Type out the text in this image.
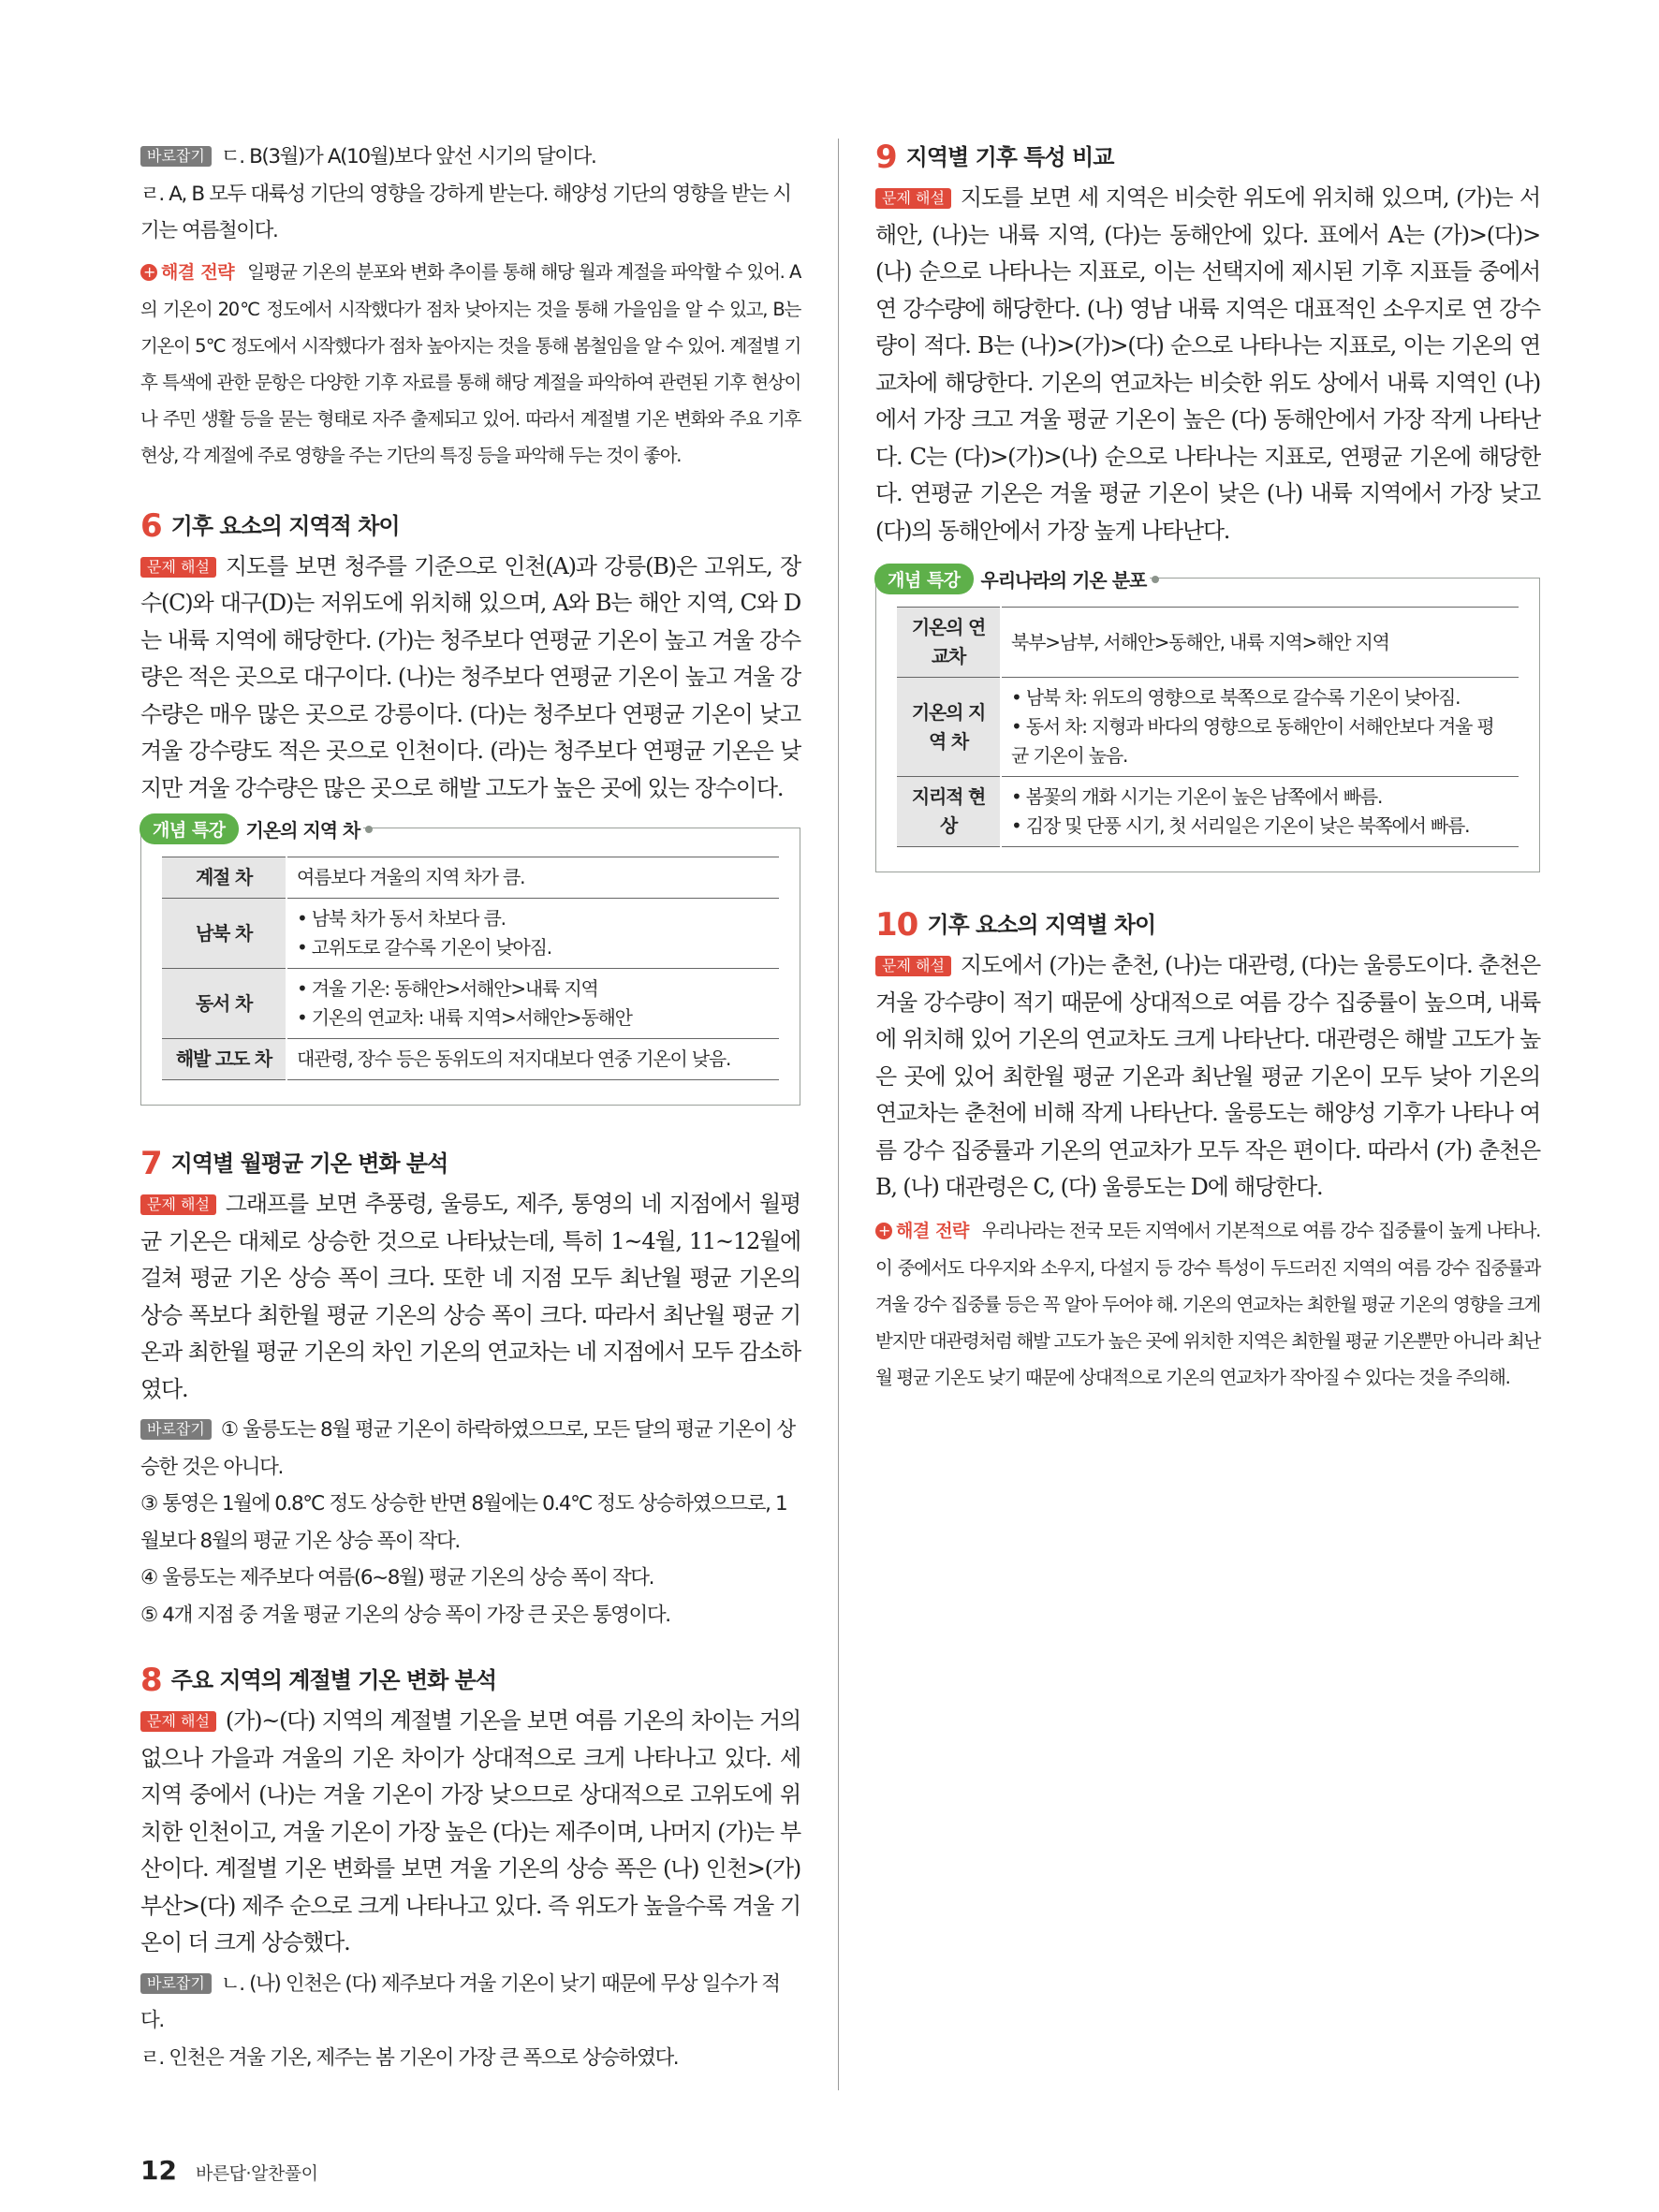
바로잡기 ㄷ. B(3월)가 A(10월)보다 앞선 시기의 달이다.

ㄹ. A, B 모두 대륙성 기단의 영향을 강하게 받는다. 해양성 기단의 영향을 받는 시기는 여름철이다.

+ 해결 전략 일평균 기온의 분포와 변화 추이를 통해 해당 월과 계절을 파악할 수 있어. A의 기온이 20℃ 정도에서 시작했다가 점차 낮아지는 것을 통해 가을임을 알 수 있고, B는 기온이 5℃ 정도에서 시작했다가 점차 높아지는 것을 통해 봄철임을 알 수 있어. 계절별 기후 특색에 관한 문항은 다양한 기후 자료를 통해 해당 계절을 파악하여 관련된 기후 현상이나 주민 생활 등을 묻는 형태로 자주 출제되고 있어. 따라서 계절별 기온 변화와 주요 기후 현상, 각 계절에 주로 영향을 주는 기단의 특징 등을 파악해 두는 것이 좋아.

6 기후 요소의 지역적 차이

문제 해설 지도를 보면 청주를 기준으로 인천(A)과 강릉(B)은 고위도, 장수(C)와 대구(D)는 저위도에 위치해 있으며, A와 B는 해안 지역, C와 D는 내륙 지역에 해당한다. (가)는 청주보다 연평균 기온이 높고 겨울 강수량은 적은 곳으로 대구이다. (나)는 청주보다 연평균 기온이 높고 겨울 강수량은 매우 많은 곳으로 강릉이다. (다)는 청주보다 연평균 기온이 낮고 겨울 강수량도 적은 곳으로 인천이다. (라)는 청주보다 연평균 기온은 낮지만 겨울 강수량은 많은 곳으로 해발 고도가 높은 곳에 있는 장수이다.

개념 특강	기온의 지역 차
계절 차	여름보다 겨울의 지역 차가 큼.
남북 차	• 남북 차가 동서 차보다 큼.
• 고위도로 갈수록 기온이 낮아짐.

동서 차	• 겨울 기온: 동해안>서해안>내륙 지역
• 기온의 연교차: 내륙 지역>서해안>동해안

해발 고도 차	대관령, 장수 등은 동위도의 저지대보다 연중 기온이 낮음.
7 지역별 월평균 기온 변화 분석

문제 해설 그래프를 보면 추풍령, 울릉도, 제주, 통영의 네 지점에서 월평균 기온은 대체로 상승한 것으로 나타났는데, 특히 1~4월, 11~12월에 걸쳐 평균 기온 상승 폭이 크다. 또한 네 지점 모두 최난월 평균 기온의 상승 폭보다 최한월 평균 기온의 상승 폭이 크다. 따라서 최난월 평균 기온과 최한월 평균 기온의 차인 기온의 연교차는 네 지점에서 모두 감소하였다.

바로잡기 ① 울릉도는 8월 평균 기온이 하락하였으므로, 모든 달의 평균 기온이 상승한 것은 아니다.

③ 통영은 1월에 0.8℃ 정도 상승한 반면 8월에는 0.4℃ 정도 상승하였으므로, 1월보다 8월의 평균 기온 상승 폭이 작다.

④ 울릉도는 제주보다 여름(6~8월) 평균 기온의 상승 폭이 작다.

⑤ 4개 지점 중 겨울 평균 기온의 상승 폭이 가장 큰 곳은 통영이다.

8 주요 지역의 계절별 기온 변화 분석

문제 해설 (가)~(다) 지역의 계절별 기온을 보면 여름 기온의 차이는 거의 없으나 가을과 겨울의 기온 차이가 상대적으로 크게 나타나고 있다. 세 지역 중에서 (나)는 겨울 기온이 가장 낮으므로 상대적으로 고위도에 위치한 인천이고, 겨울 기온이 가장 높은 (다)는 제주이며, 나머지 (가)는 부산이다. 계절별 기온 변화를 보면 겨울 기온의 상승 폭은 (나) 인천>(가) 부산>(다) 제주 순으로 크게 나타나고 있다. 즉 위도가 높을수록 겨울 기온이 더 크게 상승했다.

바로잡기 ㄴ. (나) 인천은 (다) 제주보다 겨울 기온이 낮기 때문에 무상 일수가 적다.

ㄹ. 인천은 겨울 기온, 제주는 봄 기온이 가장 큰 폭으로 상승하였다.

9 지역별 기후 특성 비교

문제 해설 지도를 보면 세 지역은 비슷한 위도에 위치해 있으며, (가)는 서해안, (나)는 내륙 지역, (다)는 동해안에 있다. 표에서 A는 (가)>(다)>(나) 순으로 나타나는 지표로, 이는 선택지에 제시된 기후 지표들 중에서 연 강수량에 해당한다. (나) 영남 내륙 지역은 대표적인 소우지로 연 강수량이 적다. B는 (나)>(가)>(다) 순으로 나타나는 지표로, 이는 기온의 연교차에 해당한다. 기온의 연교차는 비슷한 위도 상에서 내륙 지역인 (나)에서 가장 크고 겨울 평균 기온이 높은 (다) 동해안에서 가장 작게 나타난다. C는 (다)>(가)>(나) 순으로 나타나는 지표로, 연평균 기온에 해당한다. 연평균 기온은 겨울 평균 기온이 낮은 (나) 내륙 지역에서 가장 낮고 (다)의 동해안에서 가장 높게 나타난다.

개념 특강	우리나라의 기온 분포
기온의 연교차	북부>남부, 서해안>동해안, 내륙 지역>해안 지역
기온의 지역 차	• 남북 차: 위도의 영향으로 북쪽으로 갈수록 기온이 낮아짐.
• 동서 차: 지형과 바다의 영향으로 동해안이 서해안보다 겨울 평균 기온이 높음.

지리적 현상	• 봄꽃의 개화 시기는 기온이 높은 남쪽에서 빠름.
• 김장 및 단풍 시기, 첫 서리일은 기온이 낮은 북쪽에서 빠름.
10 기후 요소의 지역별 차이

문제 해설 지도에서 (가)는 춘천, (나)는 대관령, (다)는 울릉도이다. 춘천은 겨울 강수량이 적기 때문에 상대적으로 여름 강수 집중률이 높으며, 내륙에 위치해 있어 기온의 연교차도 크게 나타난다. 대관령은 해발 고도가 높은 곳에 있어 최한월 평균 기온과 최난월 평균 기온이 모두 낮아 기온의 연교차는 춘천에 비해 작게 나타난다. 울릉도는 해양성 기후가 나타나 여름 강수 집중률과 기온의 연교차가 모두 작은 편이다. 따라서 (가) 춘천은 B, (나) 대관령은 C, (다) 울릉도는 D에 해당한다.

+ 해결 전략 우리나라는 전국 모든 지역에서 기본적으로 여름 강수 집중률이 높게 나타나. 이 중에서도 다우지와 소우지, 다설지 등 강수 특성이 두드러진 지역의 여름 강수 집중률과 겨울 강수 집중률 등은 꼭 알아 두어야 해. 기온의 연교차는 최한월 평균 기온의 영향을 크게 받지만 대관령처럼 해발 고도가 높은 곳에 위치한 지역은 최한월 평균 기온뿐만 아니라 최난월 평균 기온도 낮기 때문에 상대적으로 기온의 연교차가 작아질 수 있다는 것을 주의해.

12 바른답·알찬풀이
